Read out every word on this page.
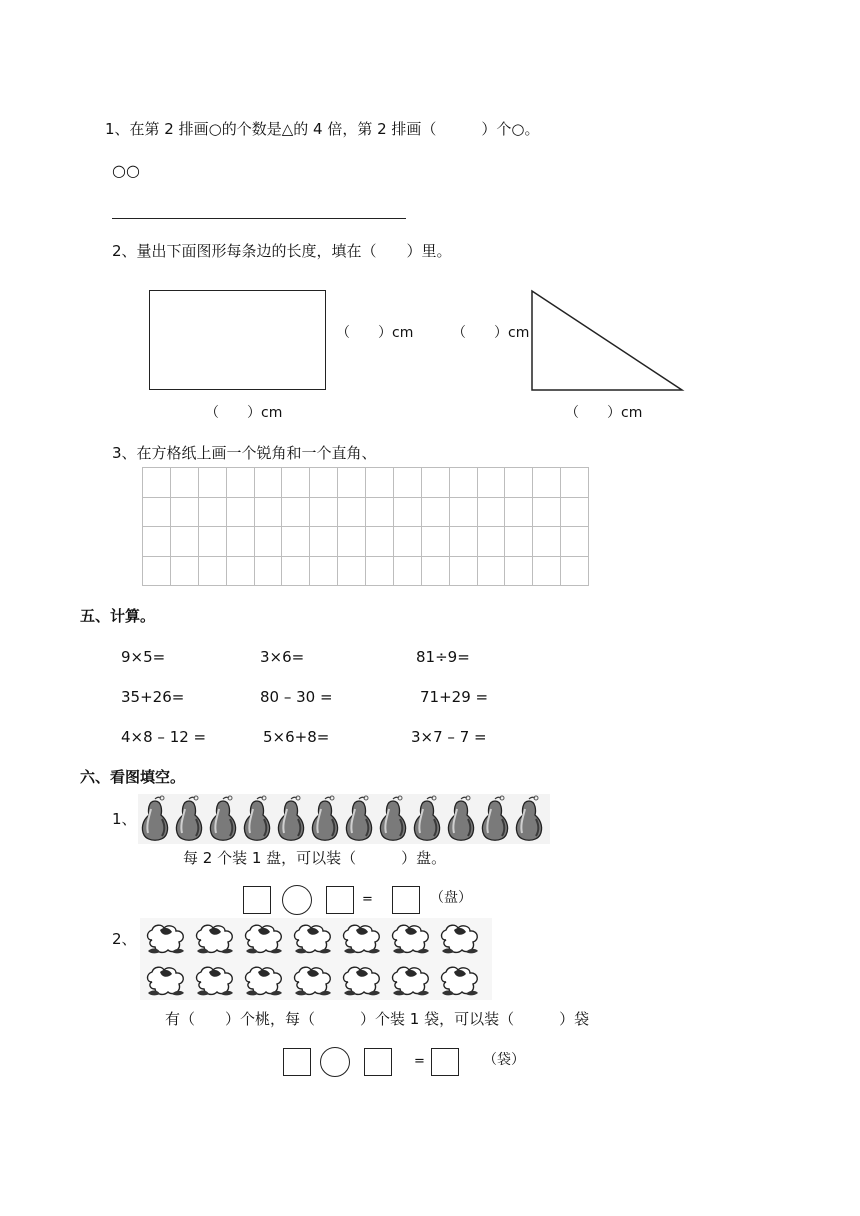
1、在第 2 排画○的个数是△的 4 倍，第 2 排画（　　　）个○。
○○
2、量出下面图形每条边的长度，填在（　　）里。
（　　）cm
（　　）cm
（　　）cm
（　　）cm
3、在方格纸上画一个锐角和一个直角、
五、计算。
9×5=	3×6=	81÷9=
35+26=	80 – 30 =	71+29 =
4×8 – 12 =	5×6+8=	3×7 – 7 =
六、看图填空。
1、
每 2 个装 1 盘，可以装（　　　）盘。
=	（盘）
2、
有（　　）个桃，每（　　　）个装 1 袋，可以装（　　　）袋
=	（袋）
